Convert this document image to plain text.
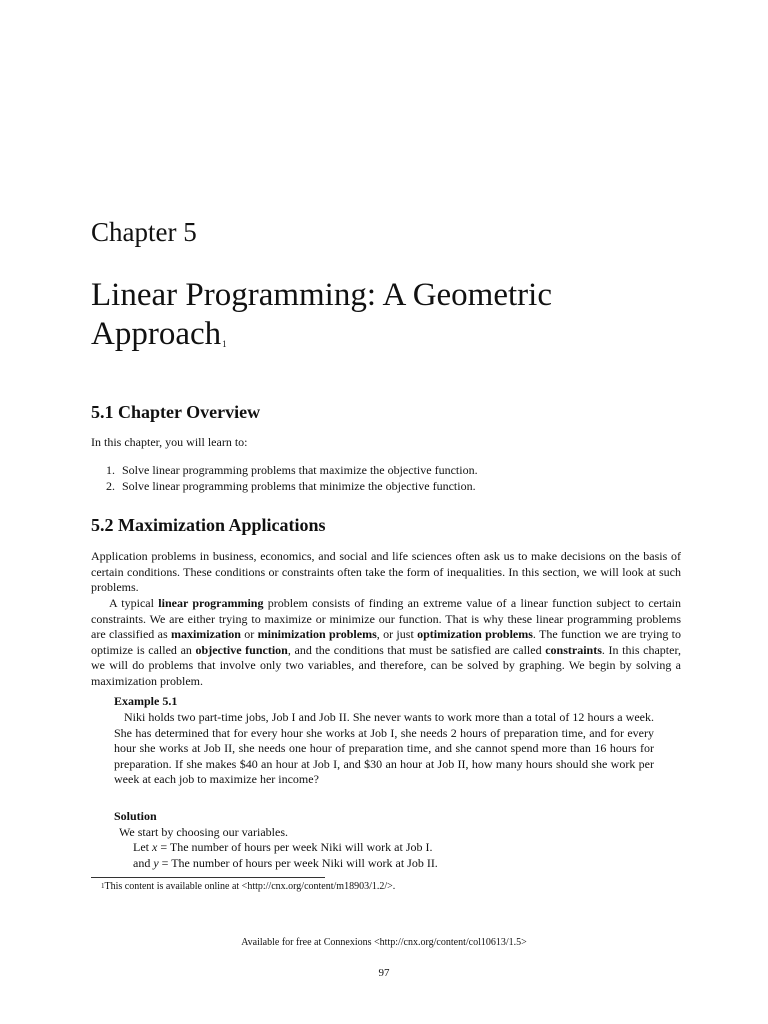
Chapter 5
Linear Programming: A Geometric
Approach$^1$
5.1 Chapter Overview
In this chapter, you will learn to:
1. Solve linear programming problems that maximize the objective function.
2. Solve linear programming problems that minimize the objective function.
5.2 Maximization Applications

Application problems in business, economics, and social and life sciences often ask us to make decisions on the basis of certain conditions. These conditions or constraints often take the form of inequalities. In this section, we will look at such problems.

A typical linear programming problem consists of finding an extreme value of a linear function subject to certain constraints. We are either trying to maximize or minimize our function. That is why these linear programming problems are classified as maximization or minimization problems, or just optimization problems. The function we are trying to optimize is called an objective function, and the conditions that must be satisfied are called constraints. In this chapter, we will do problems that involve only two variables, and therefore, can be solved by graphing. We begin by solving a maximization problem.

Example 5.1

Niki holds two part-time jobs, Job I and Job II. She never wants to work more than a total of 12 hours a week. She has determined that for every hour she works at Job I, she needs 2 hours of preparation time, and for every hour she works at Job II, she needs one hour of preparation time, and she cannot spend more than 16 hours for preparation. If she makes $40 an hour at Job I, and $30 an hour at Job II, how many hours should she work per week at each job to maximize her income?

Solution
We start by choosing our variables.
Let x = The number of hours per week Niki will work at Job I.
and y = The number of hours per week Niki will work at Job II.
$^1$This content is available online at <http://cnx.org/content/m18903/1.2/>.
Available for free at Connexions <http://cnx.org/content/col10613/1.5>
97
